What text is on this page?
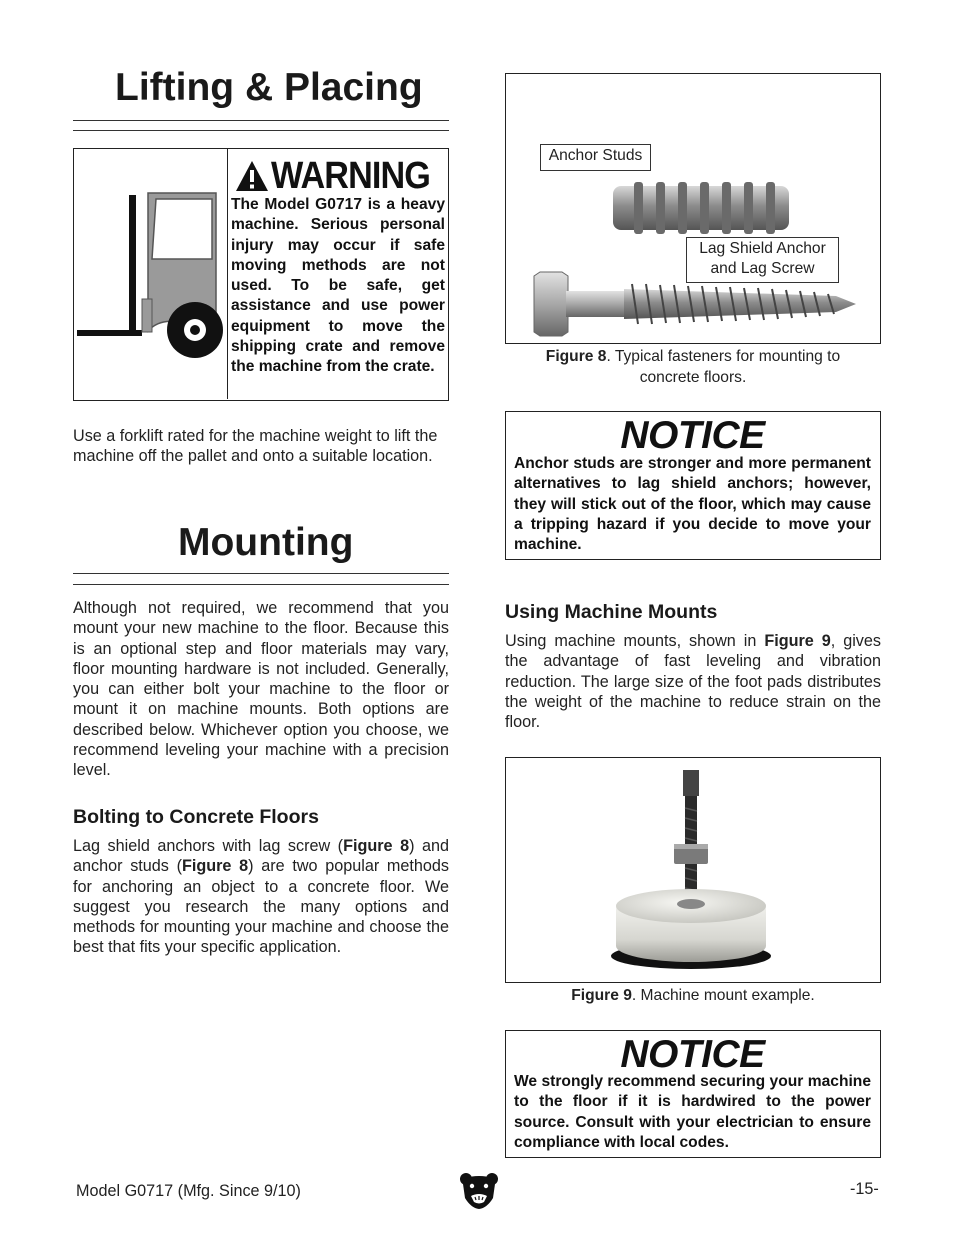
Lifting & Placing
WARNING
The Model G0717 is a heavy machine. Serious personal injury may occur if safe moving methods are not used. To be safe, get assistance and use power equipment to move the shipping crate and remove the machine from the crate.
Use a forklift rated for the machine weight to lift the machine off the pallet and onto a suitable location.
Mounting
Although not required, we recommend that you mount your new machine to the floor. Because this is an optional step and floor materials may vary, floor mounting hardware is not included. Generally, you can either bolt your machine to the floor or mount it on machine mounts. Both options are described below. Whichever option you choose, we recommend leveling your machine with a precision level.
Bolting to Concrete Floors
Lag shield anchors with lag screw (Figure 8) and anchor studs (Figure 8) are two popular methods for anchoring an object to a concrete floor. We suggest you research the many options and methods for mounting your machine and choose the best that fits your specific application.
Anchor Studs
Lag Shield Anchor
and Lag Screw
Figure 8. Typical fasteners for mounting to concrete floors.
NOTICE
Anchor studs are stronger and more permanent alternatives to lag shield anchors; however, they will stick out of the floor, which may cause a tripping hazard if you decide to move your machine.
Using Machine Mounts
Using machine mounts, shown in Figure 9, gives the advantage of fast leveling and vibration reduction. The large size of the foot pads distributes the weight of the machine to reduce strain on the floor.
Figure 9. Machine mount example.
NOTICE
We strongly recommend securing your machine to the floor if it is hardwired to the power source. Consult with your electrician to ensure compliance with local codes.
Model G0717 (Mfg. Since 9/10)	-15-
